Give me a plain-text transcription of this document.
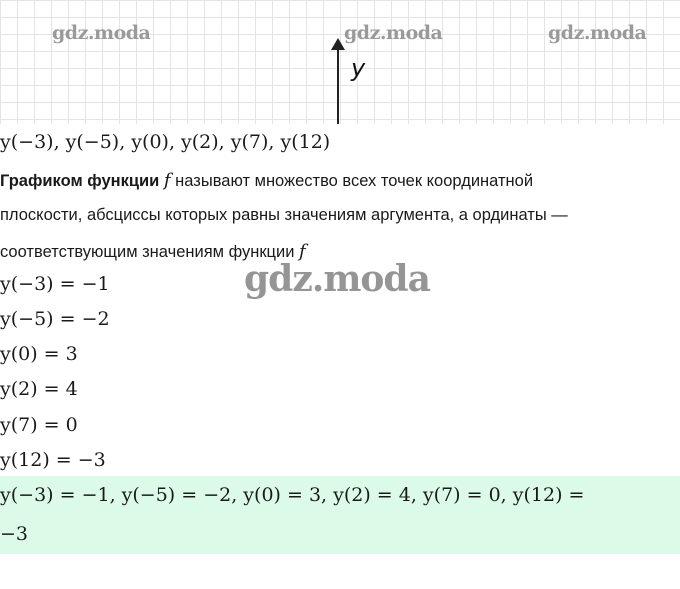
gdz.moda	gdz.moda	gdz.moda
y
y(−3), y(−5), y(0), y(2), y(7), y(12)
Графиком функции f называют множество всех точек координатной
плоскости, абсцисcы которых равны значениям аргумента, а ординаты —
соответствующим значениям функции f
y(−3) = −1
y(−5) = −2
y(0) = 3
y(2) = 4
y(7) = 0
y(12) = −3
gdz.moda
y(−3) = −1, y(−5) = −2, y(0) = 3, y(2) = 4, y(7) = 0, y(12) =
−3
